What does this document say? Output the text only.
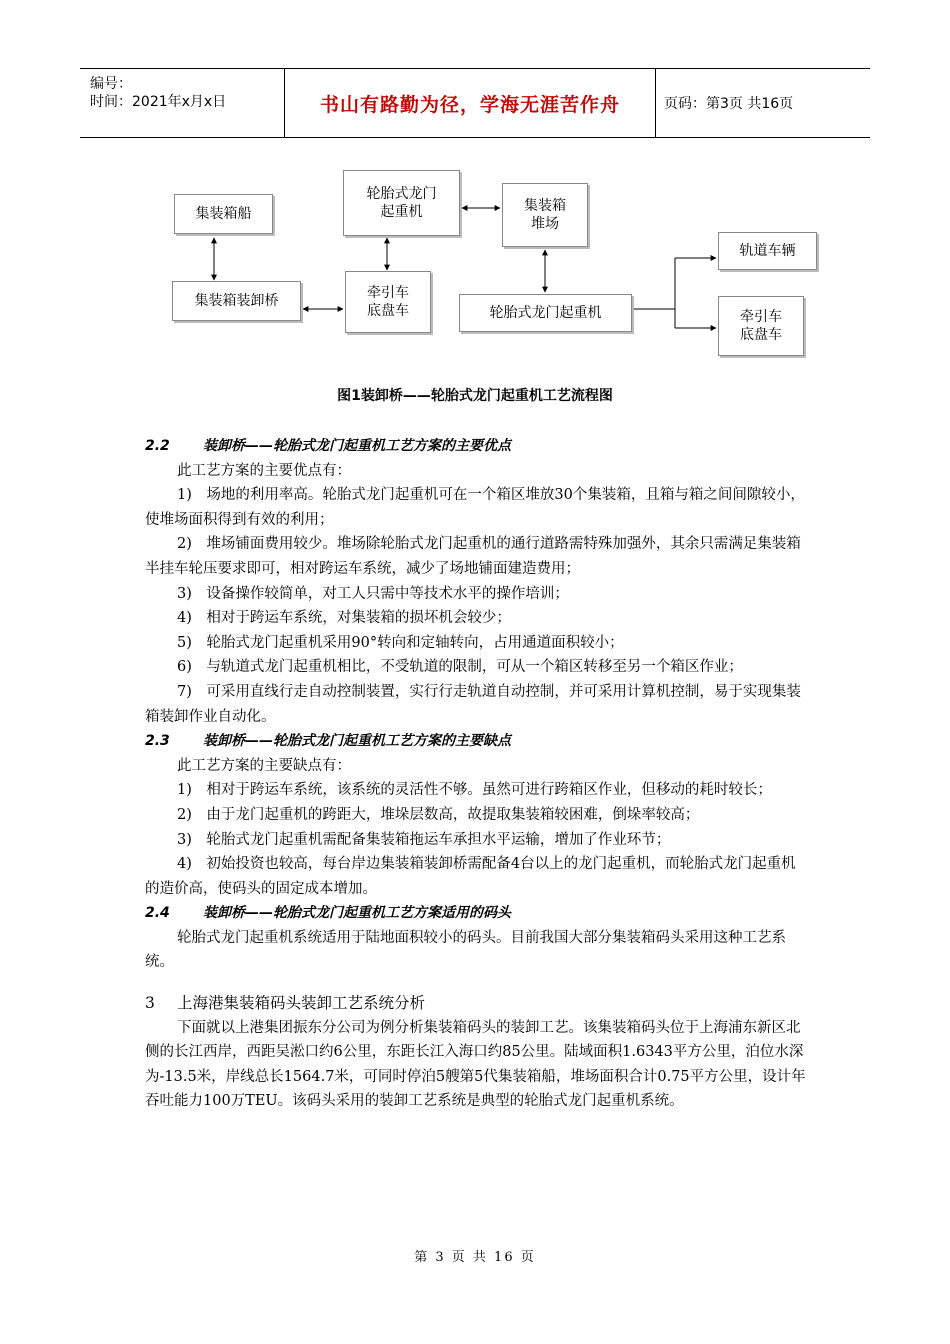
编号：
时间：2021年x月x日	书山有路勤为径，学海无涯苦作舟	页码：第3页 共16页
集装箱船
轮胎式龙门
起重机	集装箱
堆场
轨道车辆
集装箱装卸桥	牵引车
底盘车	轮胎式龙门起重机	牵引车
底盘车
图1装卸桥——轮胎式龙门起重机工艺流程图

2.2 装卸桥——轮胎式龙门起重机工艺方案的主要优点

此工艺方案的主要优点有：

1)　场地的利用率高。轮胎式龙门起重机可在一个箱区堆放30个集装箱，且箱与箱之间间隙较小，使堆场面积得到有效的利用；

2)　堆场铺面费用较少。堆场除轮胎式龙门起重机的通行道路需特殊加强外，其余只需满足集装箱半挂车轮压要求即可，相对跨运车系统，减少了场地铺面建造费用；

3)　设备操作较简单，对工人只需中等技术水平的操作培训；

4)　相对于跨运车系统，对集装箱的损坏机会较少；

5)　轮胎式龙门起重机采用90°转向和定轴转向，占用通道面积较小；

6)　与轨道式龙门起重机相比，不受轨道的限制，可从一个箱区转移至另一个箱区作业；

7)　可采用直线行走自动控制装置，实行行走轨道自动控制，并可采用计算机控制，易于实现集装箱装卸作业自动化。

2.3 装卸桥——轮胎式龙门起重机工艺方案的主要缺点

此工艺方案的主要缺点有：

1)　相对于跨运车系统，该系统的灵活性不够。虽然可进行跨箱区作业，但移动的耗时较长；

2)　由于龙门起重机的跨距大，堆垛层数高，故提取集装箱较困难，倒垛率较高；

3)　轮胎式龙门起重机需配备集装箱拖运车承担水平运输，增加了作业环节；

4)　初始投资也较高，每台岸边集装箱装卸桥需配备4台以上的龙门起重机，而轮胎式龙门起重机的造价高，使码头的固定成本增加。

2.4 装卸桥——轮胎式龙门起重机工艺方案适用的码头

轮胎式龙门起重机系统适用于陆地面积较小的码头。目前我国大部分集装箱码头采用这种工艺系统。

3 上海港集装箱码头装卸工艺系统分析

下面就以上港集团振东分公司为例分析集装箱码头的装卸工艺。该集装箱码头位于上海浦东新区北侧的长江西岸，西距吴淞口约6公里，东距长江入海口约85公里。陆域面积1.6343平方公里，泊位水深为-13.5米，岸线总长1564.7米，可同时停泊5艘第5代集装箱船，堆场面积合计0.75平方公里，设计年吞吐能力100万TEU。该码头采用的装卸工艺系统是典型的轮胎式龙门起重机系统。

第 3 页 共 16 页
